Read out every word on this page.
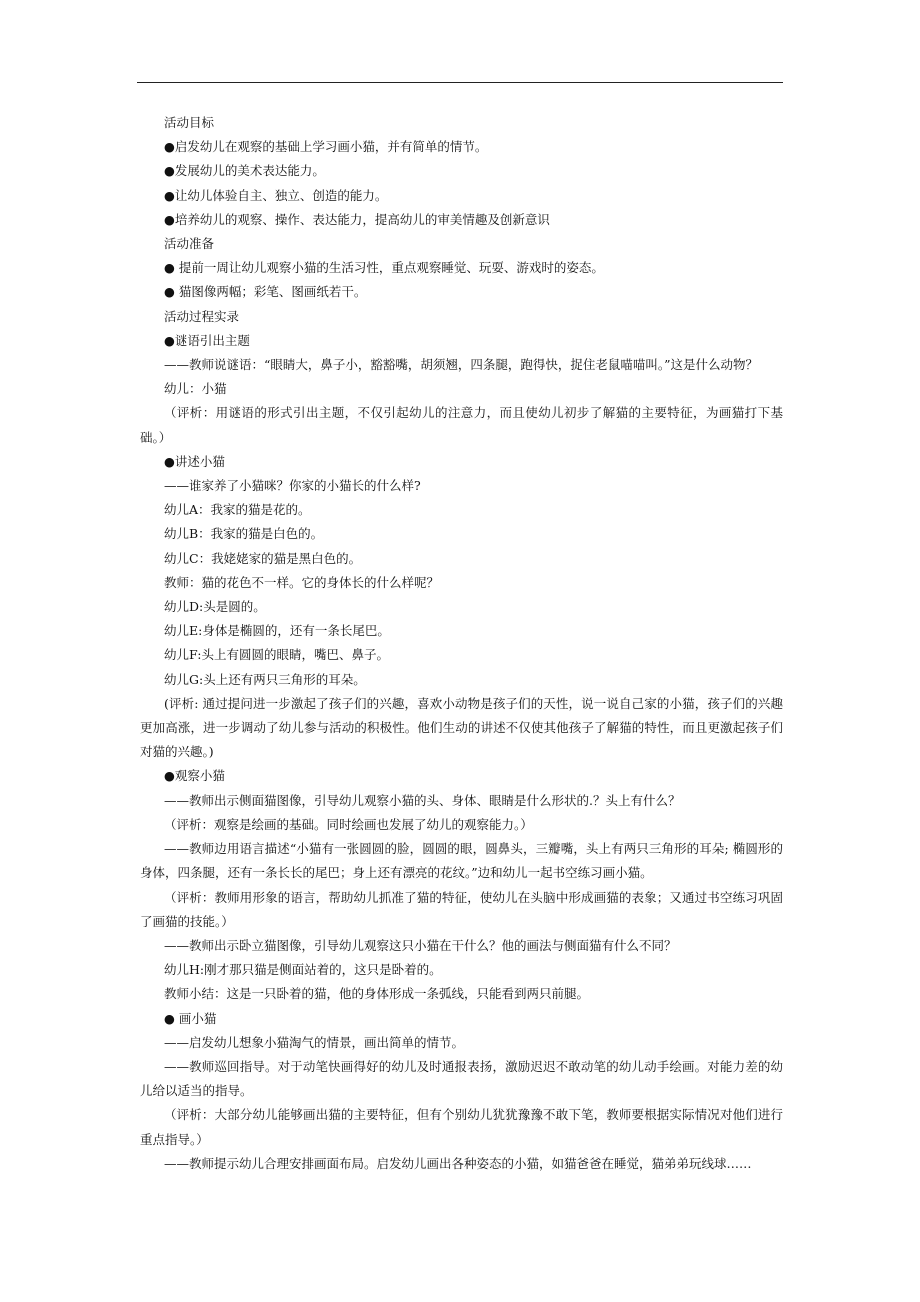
活动目标

●启发幼儿在观察的基础上学习画小猫，并有简单的情节。

●发展幼儿的美术表达能力。

●让幼儿体验自主、独立、创造的能力。

●培养幼儿的观察、操作、表达能力，提高幼儿的审美情趣及创新意识

活动准备

● 提前一周让幼儿观察小猫的生活习性，重点观察睡觉、玩耍、游戏时的姿态。

● 猫图像两幅；彩笔、图画纸若干。

活动过程实录

●谜语引出主题

——教师说谜语：“眼睛大，鼻子小，豁豁嘴，胡须翘，四条腿，跑得快，捉住老鼠喵喵叫。”这是什么动物？

幼儿：小猫

（评析：用谜语的形式引出主题，不仅引起幼儿的注意力，而且使幼儿初步了解猫的主要特征，为画猫打下基础。）

●讲述小猫

——谁家养了小猫咪？你家的小猫长的什么样?

幼儿A：我家的猫是花的。

幼儿B：我家的猫是白色的。

幼儿C：我姥姥家的猫是黑白色的。

教师：猫的花色不一样。它的身体长的什么样呢？

幼儿D:头是圆的。

幼儿E:身体是椭圆的，还有一条长尾巴。

幼儿F:头上有圆圆的眼睛，嘴巴、鼻子。

幼儿G:头上还有两只三角形的耳朵。

(评析: 通过提问进一步激起了孩子们的兴趣，喜欢小动物是孩子们的天性，说一说自己家的小猫，孩子们的兴趣更加高涨，进一步调动了幼儿参与活动的积极性。他们生动的讲述不仅使其他孩子了解猫的特性，而且更激起孩子们对猫的兴趣。)

●观察小猫

——教师出示侧面猫图像，引导幼儿观察小猫的头、身体、眼睛是什么形状的.？头上有什么？

（评析：观察是绘画的基础。同时绘画也发展了幼儿的观察能力。）

——教师边用语言描述“小猫有一张圆圆的脸，圆圆的眼，圆鼻头，三瓣嘴，头上有两只三角形的耳朵; 椭圆形的身体，四条腿，还有一条长长的尾巴；身上还有漂亮的花纹。”边和幼儿一起书空练习画小猫。

（评析：教师用形象的语言，帮助幼儿抓准了猫的特征，使幼儿在头脑中形成画猫的表象；又通过书空练习巩固了画猫的技能。）

——教师出示卧立猫图像，引导幼儿观察这只小猫在干什么？他的画法与侧面猫有什么不同？

幼儿H:刚才那只猫是侧面站着的，这只是卧着的。

教师小结：这是一只卧着的猫，他的身体形成一条弧线，只能看到两只前腿。

● 画小猫

——启发幼儿想象小猫淘气的情景，画出简单的情节。

——教师巡回指导。对于动笔快画得好的幼儿及时通报表扬，激励迟迟不敢动笔的幼儿动手绘画。对能力差的幼儿给以适当的指导。

（评析：大部分幼儿能够画出猫的主要特征，但有个别幼儿犹犹豫豫不敢下笔，教师要根据实际情况对他们进行重点指导。）

——教师提示幼儿合理安排画面布局。启发幼儿画出各种姿态的小猫，如猫爸爸在睡觉，猫弟弟玩线球……
